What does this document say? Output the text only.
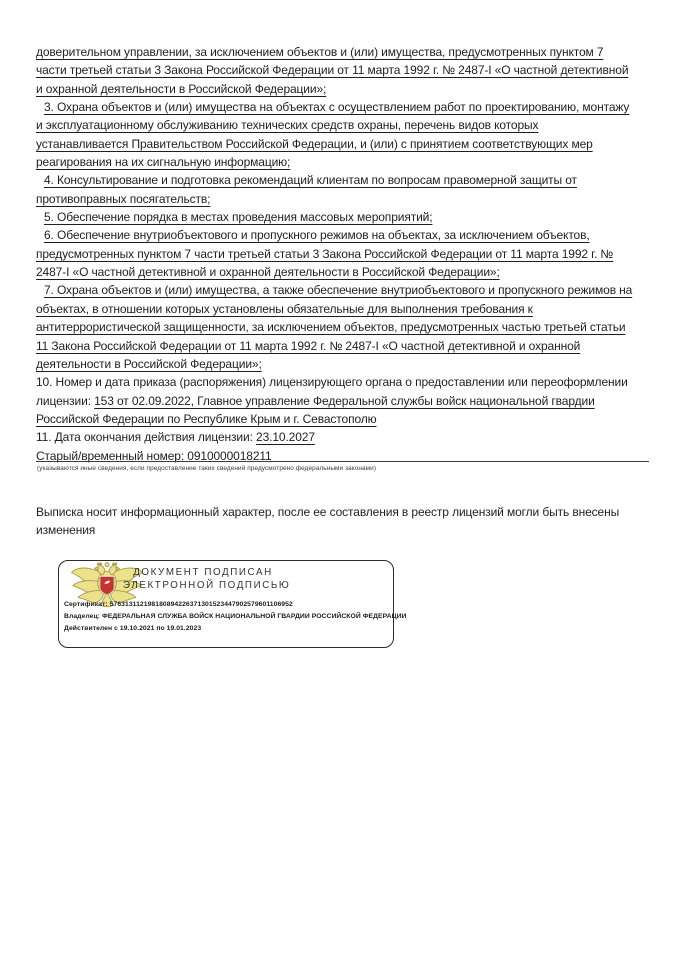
доверительном управлении, за исключением объектов и (или) имущества, предусмотренных пунктом 7
части третьей статьи 3 Закона Российской Федерации от 11 марта 1992 г. № 2487-I «О частной детективной
и охранной деятельности в Российской Федерации»;
3. Охрана объектов и (или) имущества на объектах с осуществлением работ по проектированию, монтажу
и эксплуатационному обслуживанию технических средств охраны, перечень видов которых
устанавливается Правительством Российской Федерации, и (или) с принятием соответствующих мер
реагирования на их сигнальную информацию;
4. Консультирование и подготовка рекомендаций клиентам по вопросам правомерной защиты от
противоправных посягательств;
5. Обеспечение порядка в местах проведения массовых мероприятий;
6. Обеспечение внутриобъектового и пропускного режимов на объектах, за исключением объектов,
предусмотренных пунктом 7 части третьей статьи 3 Закона Российской Федерации от 11 марта 1992 г. №
2487-I «О частной детективной и охранной деятельности в Российской Федерации»;
7. Охрана объектов и (или) имущества, а также обеспечение внутриобъектового и пропускного режимов на
объектах, в отношении которых установлены обязательные для выполнения требования к
антитеррористической защищенности, за исключением объектов, предусмотренных частью третьей статьи
11 Закона Российской Федерации от 11 марта 1992 г. № 2487-I «О частной детективной и охранной
деятельности в Российской Федерации»;
10. Номер и дата приказа (распоряжения) лицензирующего органа о предоставлении или переоформлении
лицензии: 153 от 02.09.2022, Главное управление Федеральной службы войск национальной гвардии
Российской Федерации по Республике Крым и г. Севастополю
11. Дата окончания действия лицензии: 23.10.2027
Старый/временный номер: 0910000018211
(указываются иные сведения, если предоставление таких сведений предусмотрено федеральными законами)
Выписка носит информационный характер, после ее составления в реестр лицензий могли быть внесены
изменения
ДОКУМЕНТ ПОДПИСАН
ЭЛЕКТРОННОЙ ПОДПИСЬЮ
Сертификат: 576313112198180894226371301523447902579601106952
Владелец: ФЕДЕРАЛЬНАЯ СЛУЖБА ВОЙСК НАЦИОНАЛЬНОЙ ГВАРДИИ РОССИЙСКОЙ ФЕДЕРАЦИИ
Действителен с 19.10.2021 по 19.01.2023
